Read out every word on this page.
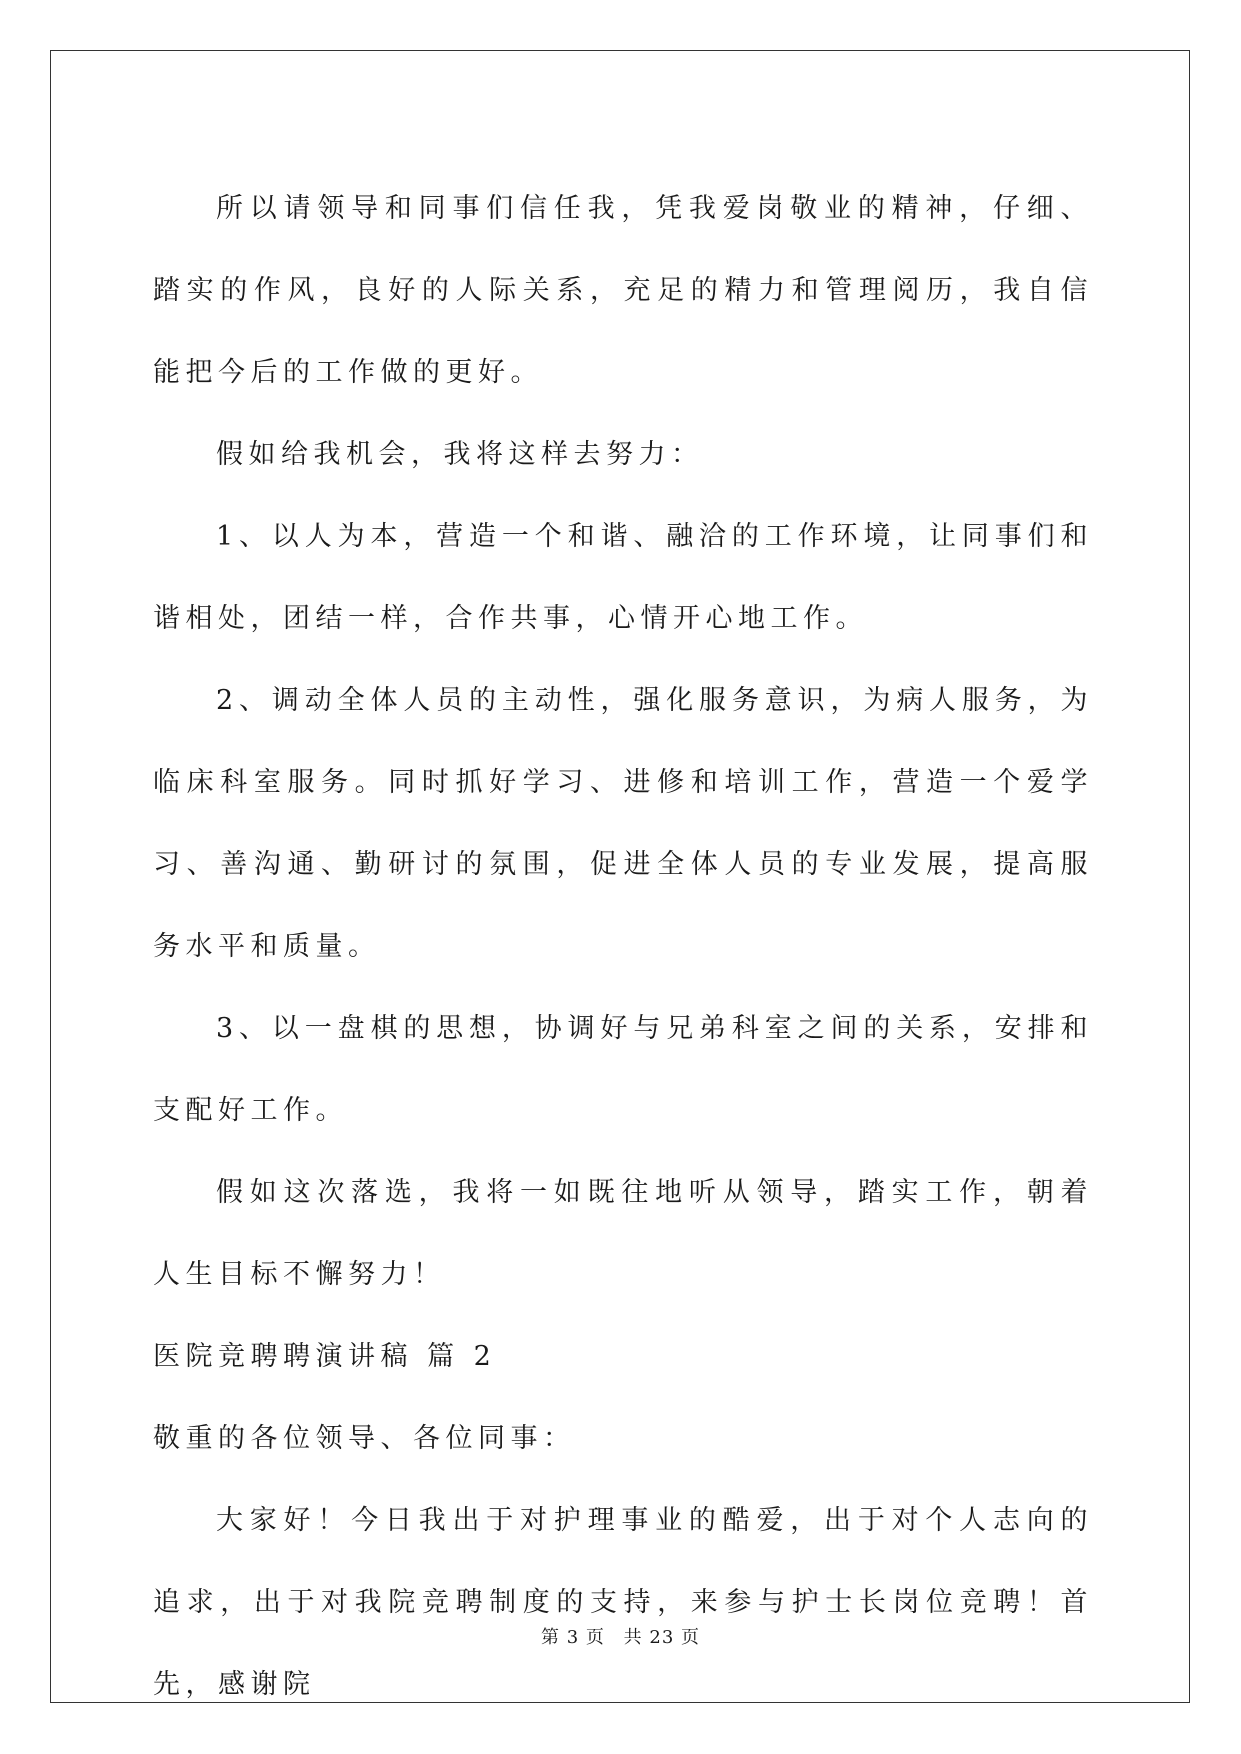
所以请领导和同事们信任我，凭我爱岗敬业的精神，仔细、踏实的作风，良好的人际关系，充足的精力和管理阅历，我自信能把今后的工作做的更好。

假如给我机会，我将这样去努力：

1、以人为本，营造一个和谐、融洽的工作环境，让同事们和谐相处，团结一样，合作共事，心情开心地工作。

2、调动全体人员的主动性，强化服务意识，为病人服务，为临床科室服务。同时抓好学习、进修和培训工作，营造一个爱学习、善沟通、勤研讨的氛围，促进全体人员的专业发展，提高服务水平和质量。

3、以一盘棋的思想，协调好与兄弟科室之间的关系，安排和支配好工作。

假如这次落选，我将一如既往地听从领导，踏实工作，朝着人生目标不懈努力！

医院竞聘聘演讲稿 篇 2

敬重的各位领导、各位同事：

大家好！今日我出于对护理事业的酷爱，出于对个人志向的追求，出于对我院竞聘制度的支持，来参与护士长岗位竞聘！首先，感谢院

第 3 页 共 23 页
